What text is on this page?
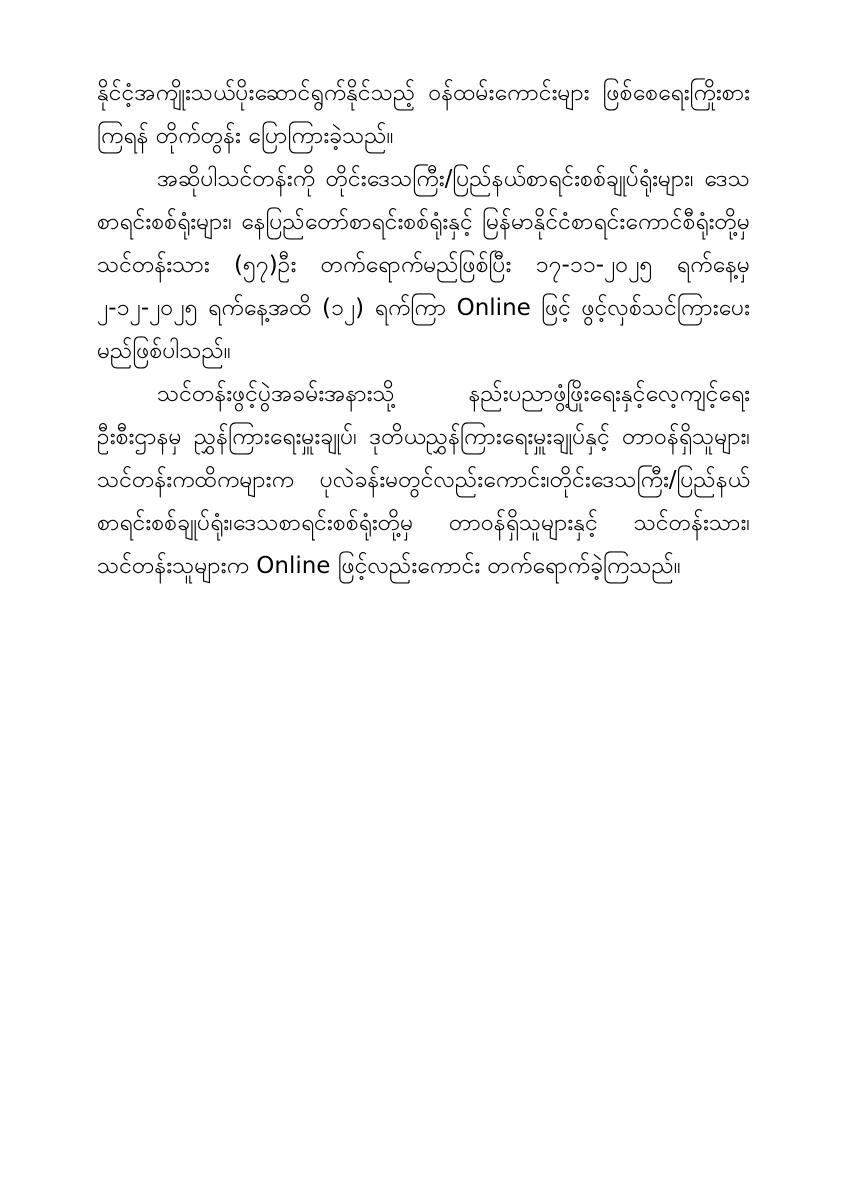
နိုင်ငံ့အကျိုးသယ်ပိုးဆောင်ရွက်နိုင်သည့် ဝန်ထမ်းကောင်းများ ဖြစ်စေရေးကြိုးစားကြရန် တိုက်တွန်း ပြောကြားခဲ့သည်။

အဆိုပါသင်တန်းကို တိုင်းဒေသကြီး/ပြည်နယ်စာရင်းစစ်ချုပ်ရုံးများ၊ ဒေသစာရင်းစစ်ရုံးများ၊ နေပြည်တော်စာရင်းစစ်ရုံးနှင့် မြန်မာနိုင်ငံစာရင်းကောင်စီရုံးတို့မှ သင်တန်းသား (၅၇)ဦး တက်ရောက်မည်ဖြစ်ပြီး ၁၇-၁၁-၂၀၂၅ ရက်နေ့မှ ၂-၁၂-၂၀၂၅ ရက်နေ့အထိ (၁၂) ရက်ကြာ Online ဖြင့် ဖွင့်လှစ်သင်ကြားပေးမည်ဖြစ်ပါသည်။

သင်တန်းဖွင့်ပွဲအခမ်းအနားသို့ နည်းပညာဖွံ့ဖြိုးရေးနှင့်လေ့ကျင့်ရေးဦးစီးဌာနမှ ညွှန်ကြားရေးမှူးချုပ်၊ ဒုတိယညွှန်ကြားရေးမှူးချုပ်နှင့် တာဝန်ရှိသူများ၊ သင်တန်းကထိကများက ပုလဲခန်းမတွင်လည်းကောင်း၊တိုင်းဒေသကြီး/ပြည်နယ်စာရင်းစစ်ချုပ်ရုံး၊ဒေသစာရင်းစစ်ရုံးတို့မှ တာဝန်ရှိသူများနှင့် သင်တန်းသား၊ သင်တန်းသူများက Online ဖြင့်လည်းကောင်း တက်ရောက်ခဲ့ကြသည်။
